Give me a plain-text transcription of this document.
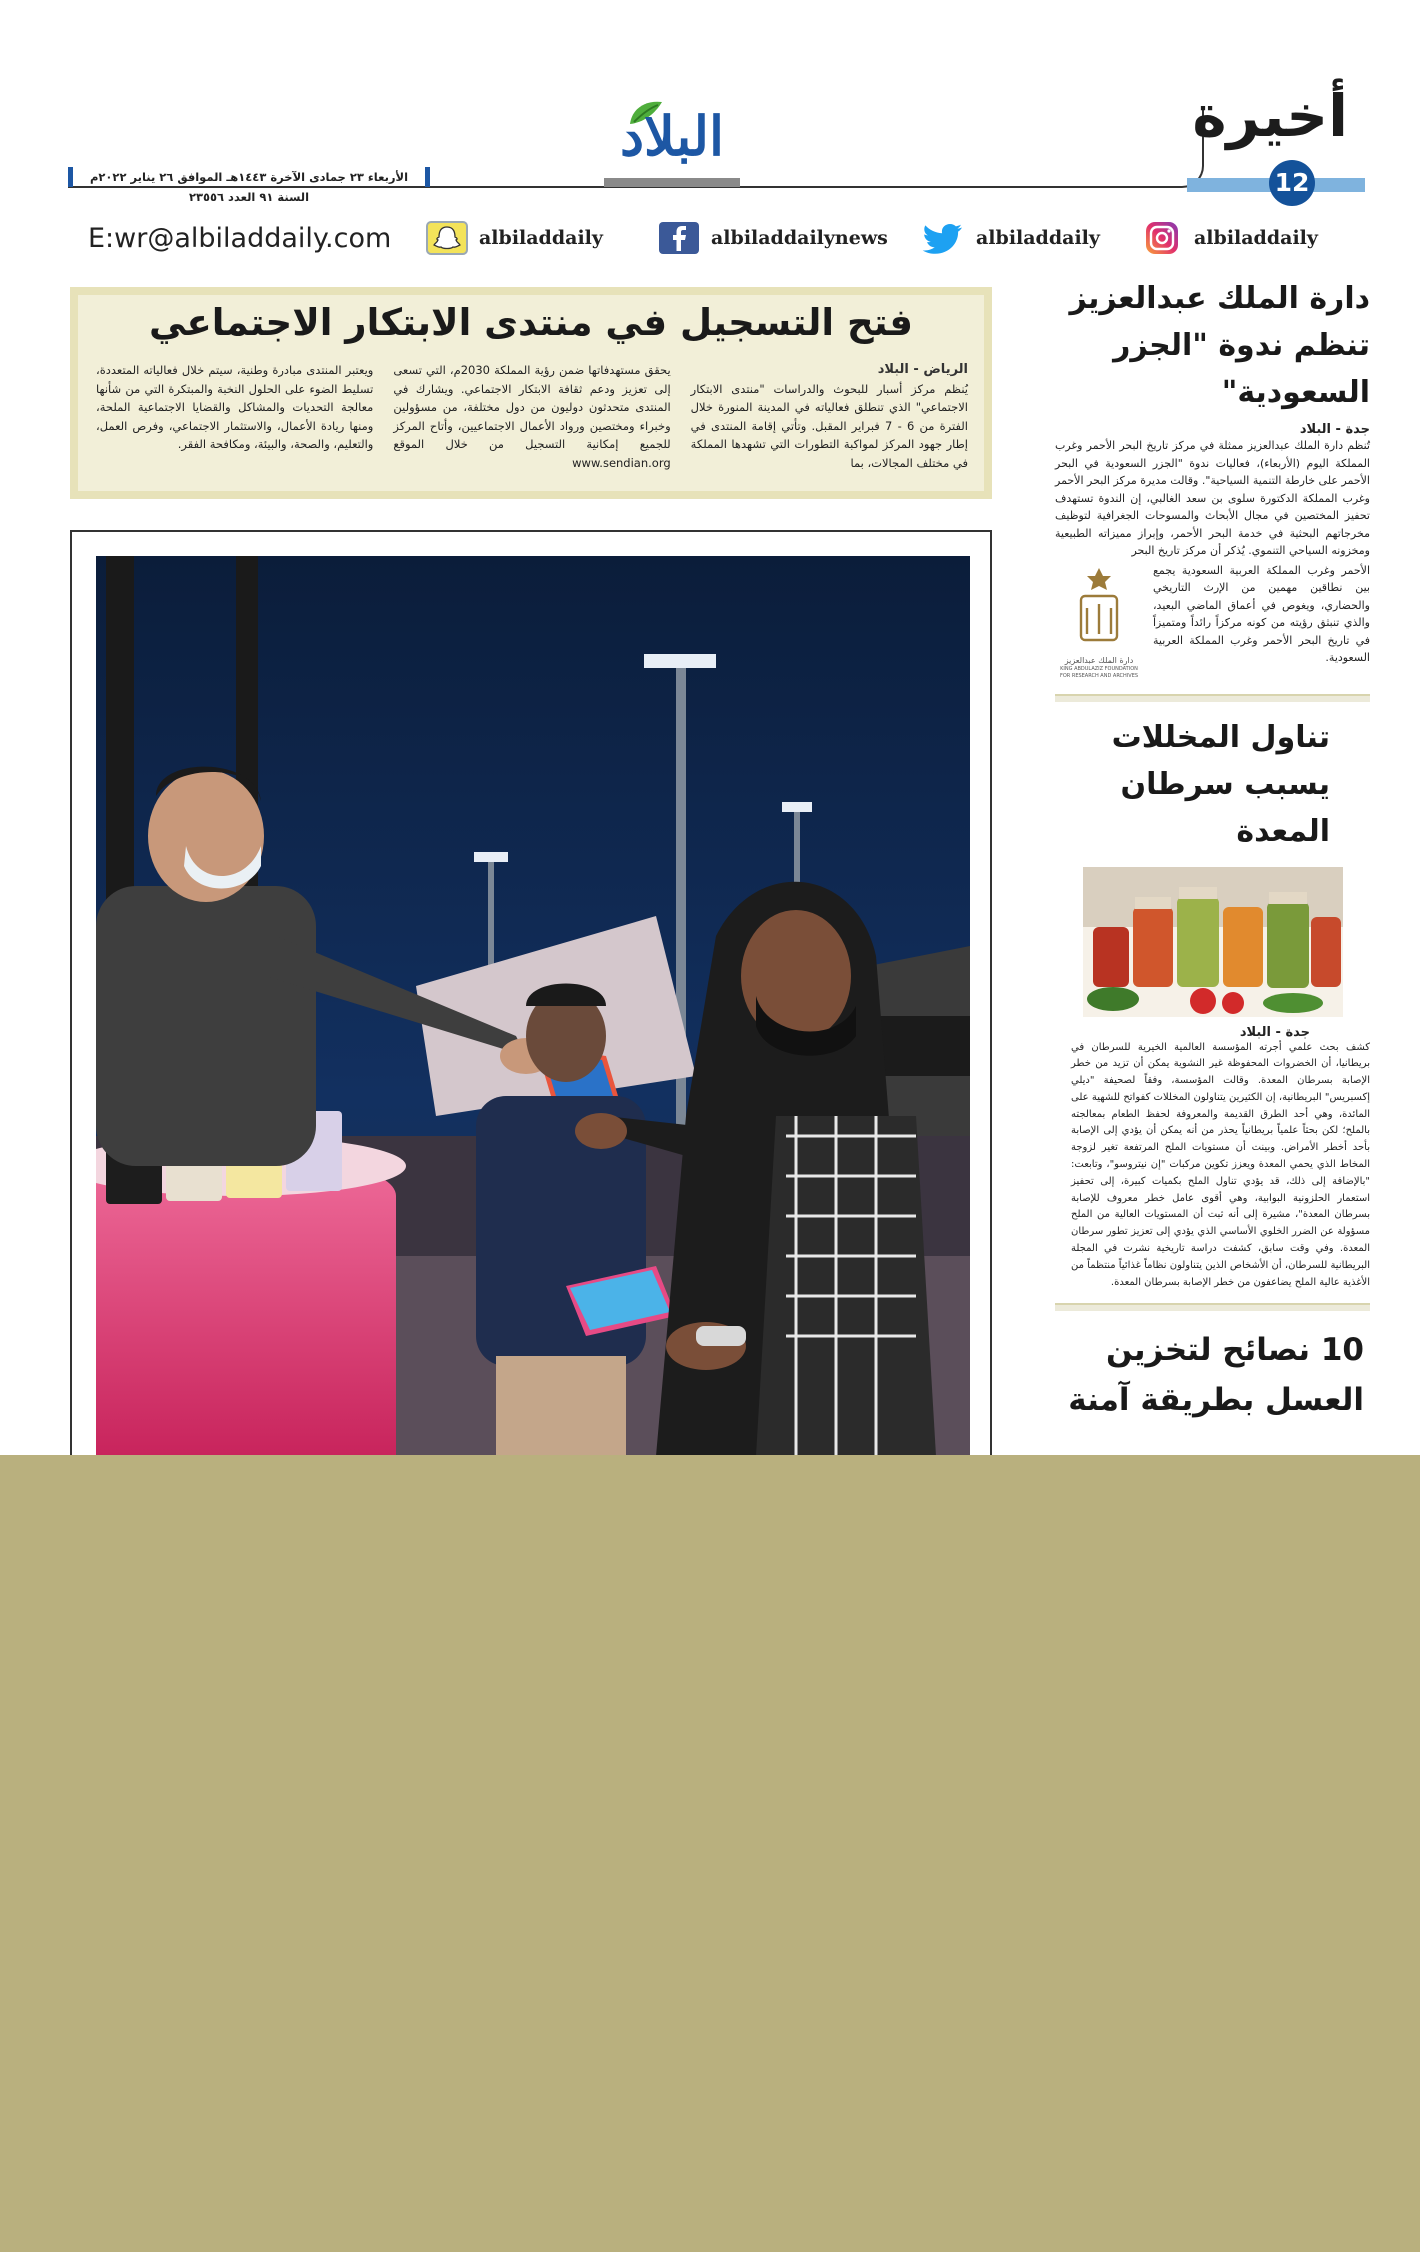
أخيرة
12
البلاد
الأربعاء ٢٣ جمادى الآخرة ١٤٤٣هـ الموافق ٢٦ يناير ٢٠٢٢م السنة ٩١ العدد ٢٣٥٥٦
E:wr@albiladdaily.com	albiladdaily	albiladdailynews	albiladdaily	albiladdaily
فتح التسجيل في منتدى الابتكار الاجتماعي
الرياض - البلاد
يُنظم مركز أسبار للبحوث والدراسات "منتدى الابتكار الاجتماعي" الذي تنطلق فعالياته في المدينة المنورة خلال الفترة من 6 - 7 فبراير المقبل. وتأتي إقامة المنتدى في إطار جهود المركز لمواكبة التطورات التي تشهدها المملكة في مختلف المجالات، بما
يحقق مستهدفاتها ضمن رؤية المملكة 2030م، التي تسعى إلى تعزيز ودعم ثقافة الابتكار الاجتماعي. ويشارك في المنتدى متحدثون دوليون من دول مختلفة، من مسؤولين وخبراء ومختصين ورواد الأعمال الاجتماعيين، وأتاح المركز للجميع إمكانية التسجيل من خلال الموقع www.sendian.org
ويعتبر المنتدى مبادرة وطنية، سيتم خلال فعالياته المتعددة، تسليط الضوء على الحلول النخبة والمبتكرة التي من شأنها معالجة التحديات والمشاكل والقضايا الاجتماعية الملحة، ومنها ريادة الأعمال، والاستثمار الاجتماعي، وفرص العمل، والتعليم، والصحة، والبيئة، ومكافحة الفقر.
دارة الملك عبدالعزيز تنظم ندوة "الجزر السعودية"
جدة - البلاد
تُنظم دارة الملك عبدالعزيز ممثلة في مركز تاريخ البحر الأحمر وغرب المملكة اليوم (الأربعاء)، فعاليات ندوة "الجزر السعودية في البحر الأحمر على خارطة التنمية السياحية". وقالت مديرة مركز البحر الأحمر وغرب المملكة الدكتورة سلوى بن سعد الغالبي، إن الندوة تستهدف تحفيز المختصين في مجال الأبحاث والمسوحات الجغرافية لتوظيف مخرجاتهم البحثية في خدمة البحر الأحمر، وإبراز مميزاته الطبيعية ومخزونه السياحي التنموي. يُذكر أن مركز تاريخ البحر
الأحمر وغرب المملكة العربية السعودية يجمع بين نطاقين مهمين من الإرث التاريخي والحضاري، ويغوص في أعماق الماضي البعيد، والذي تنبثق رؤيته من كونه مركزاً رائداً ومتميزاً في تاريخ البحر الأحمر وغرب المملكة العربية السعودية.
دارة الملك عبدالعزيز
KING ABDULAZIZ FOUNDATION FOR RESEARCH AND ARCHIVES
تناول المخللات يسبب سرطان المعدة
جدة - البلاد
كشف بحث علمي أجرته المؤسسة العالمية الخيرية للسرطان في بريطانيا، أن الخضروات المحفوظة غير النشوية يمكن أن تزيد من خطر الإصابة بسرطان المعدة. وقالت المؤسسة، وفقاً لصحيفة "ديلي إكسبريس" البريطانية، إن الكثيرين يتناولون المخللات كفواتح للشهية على المائدة، وهي أحد الطرق القديمة والمعروفة لحفظ الطعام بمعالجته بالملح؛ لكن بحثاً علمياً بريطانياً يحذر من أنه يمكن أن يؤدي إلى الإصابة بأحد أخطر الأمراض. وبينت أن مستويات الملح المرتفعة تغير لزوجة المخاط الذي يحمي المعدة ويعزز تكوين مركبات "إن نيتروسو"، وتابعت: "بالإضافة إلى ذلك، قد يؤدي تناول الملح بكميات كبيرة، إلى تحفيز استعمار الحلزونية البوابية، وهي أقوى عامل خطر معروف للإصابة بسرطان المعدة"، مشيرة إلى أنه ثبت أن المستويات العالية من الملح مسؤولة عن الضرر الخلوي الأساسي الذي يؤدي إلى تعزيز تطور سرطان المعدة. وفي وقت سابق، كشفت دراسة تاريخية نشرت في المجلة البريطانية للسرطان، أن الأشخاص الذين يتناولون نظاماً غذائياً منتظماً من الأغذية عالية الملح يضاعفون من خطر الإصابة بسرطان المعدة.
10 نصائح لتخزين العسل بطريقة آمنة
